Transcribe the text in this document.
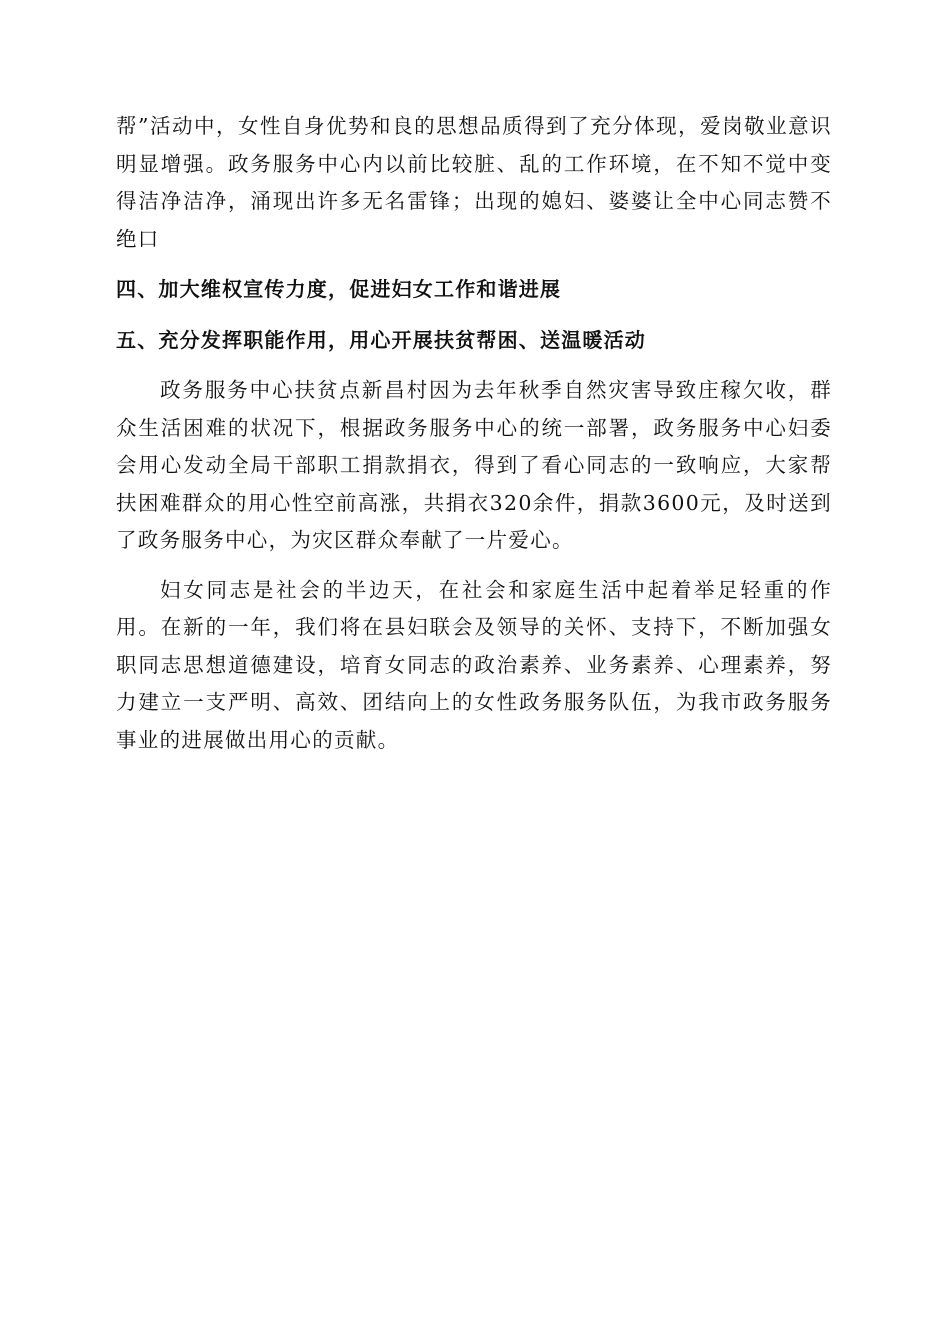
帮”活动中，女性自身优势和良的思想品质得到了充分体现，爱岗敬业意识明显增强。政务服务中心内以前比较脏、乱的工作环境，在不知不觉中变得洁净洁净，涌现出许多无名雷锋；出现的媳妇、婆婆让全中心同志赞不绝口

四、加大维权宣传力度，促进妇女工作和谐进展

五、充分发挥职能作用，用心开展扶贫帮困、送温暖活动

政务服务中心扶贫点新昌村因为去年秋季自然灾害导致庄稼欠收，群众生活困难的状况下，根据政务服务中心的统一部署，政务服务中心妇委会用心发动全局干部职工捐款捐衣，得到了看心同志的一致响应，大家帮扶困难群众的用心性空前高涨，共捐衣320余件，捐款3600元，及时送到了政务服务中心，为灾区群众奉献了一片爱心。

妇女同志是社会的半边天，在社会和家庭生活中起着举足轻重的作用。在新的一年，我们将在县妇联会及领导的关怀、支持下，不断加强女职同志思想道德建设，培育女同志的政治素养、业务素养、心理素养，努力建立一支严明、高效、团结向上的女性政务服务队伍，为我市政务服务事业的进展做出用心的贡献。
